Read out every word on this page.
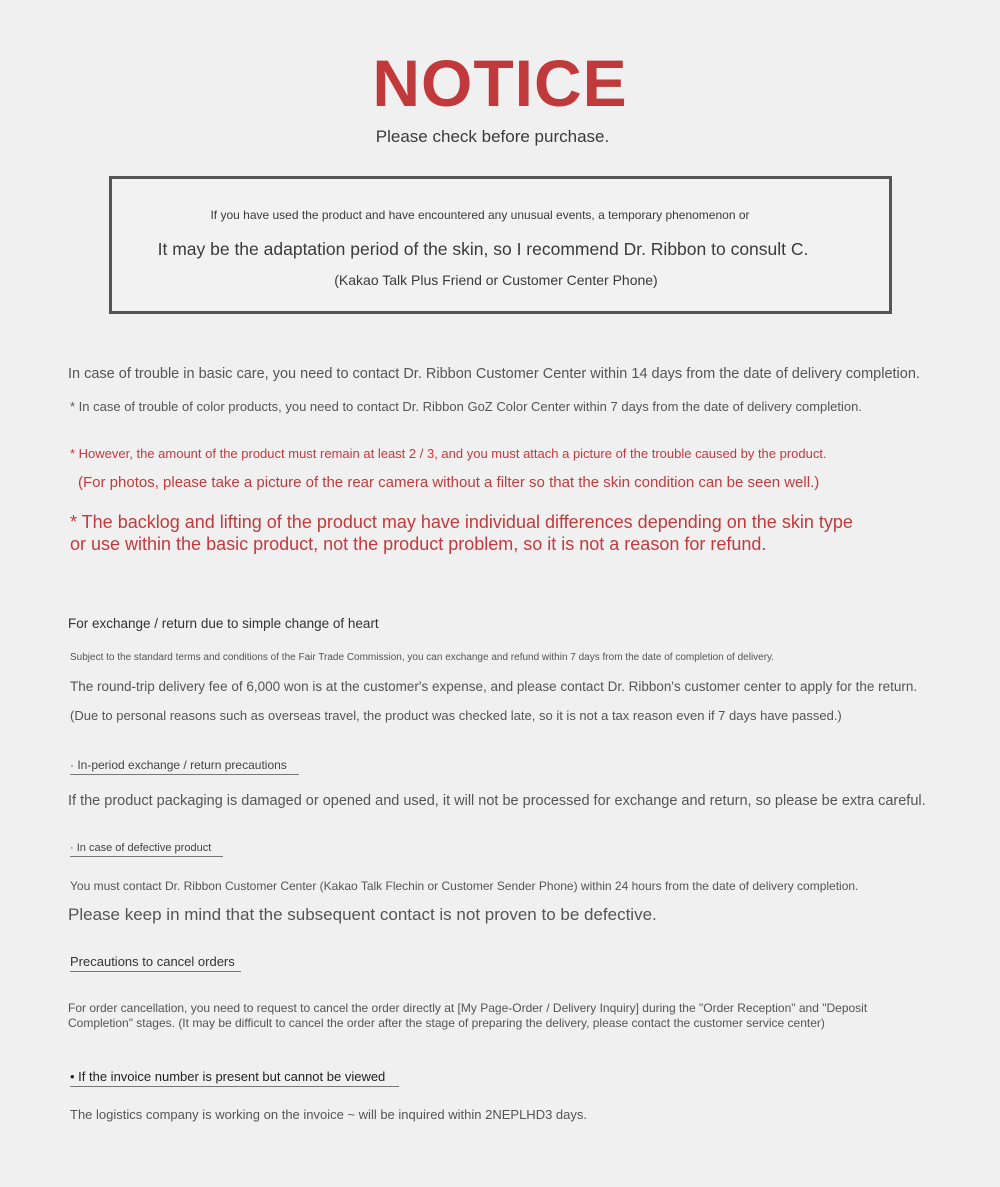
NOTICE
Please check before purchase.
If you have used the product and have encountered any unusual events, a temporary phenomenon or
It may be the adaptation period of the skin, so I recommend Dr. Ribbon to consult C.
(Kakao Talk Plus Friend or Customer Center Phone)
In case of trouble in basic care, you need to contact Dr. Ribbon Customer Center within 14 days from the date of delivery completion.
* In case of trouble of color products, you need to contact Dr. Ribbon GoZ Color Center within 7 days from the date of delivery completion.
* However, the amount of the product must remain at least 2 / 3, and you must attach a picture of the trouble caused by the product.
(For photos, please take a picture of the rear camera without a filter so that the skin condition can be seen well.)
* The backlog and lifting of the product may have individual differences depending on the skin type or use within the basic product, not the product problem, so it is not a reason for refund.
For exchange / return due to simple change of heart
Subject to the standard terms and conditions of the Fair Trade Commission, you can exchange and refund within 7 days from the date of completion of delivery.
The round-trip delivery fee of 6,000 won is at the customer's expense, and please contact Dr. Ribbon's customer center to apply for the return.
(Due to personal reasons such as overseas travel, the product was checked late, so it is not a tax reason even if 7 days have passed.)
· In-period exchange / return precautions
If the product packaging is damaged or opened and used, it will not be processed for exchange and return, so please be extra careful.
· In case of defective product
You must contact Dr. Ribbon Customer Center (Kakao Talk Flechin or Customer Sender Phone) within 24 hours from the date of delivery completion.
Please keep in mind that the subsequent contact is not proven to be defective.
Precautions to cancel orders
For order cancellation, you need to request to cancel the order directly at [My Page-Order / Delivery Inquiry] during the "Order Reception" and "Deposit Completion" stages. (It may be difficult to cancel the order after the stage of preparing the delivery, please contact the customer service center)
• If the invoice number is present but cannot be viewed
The logistics company is working on the invoice ~ will be inquired within 2NEPLHD3 days.
